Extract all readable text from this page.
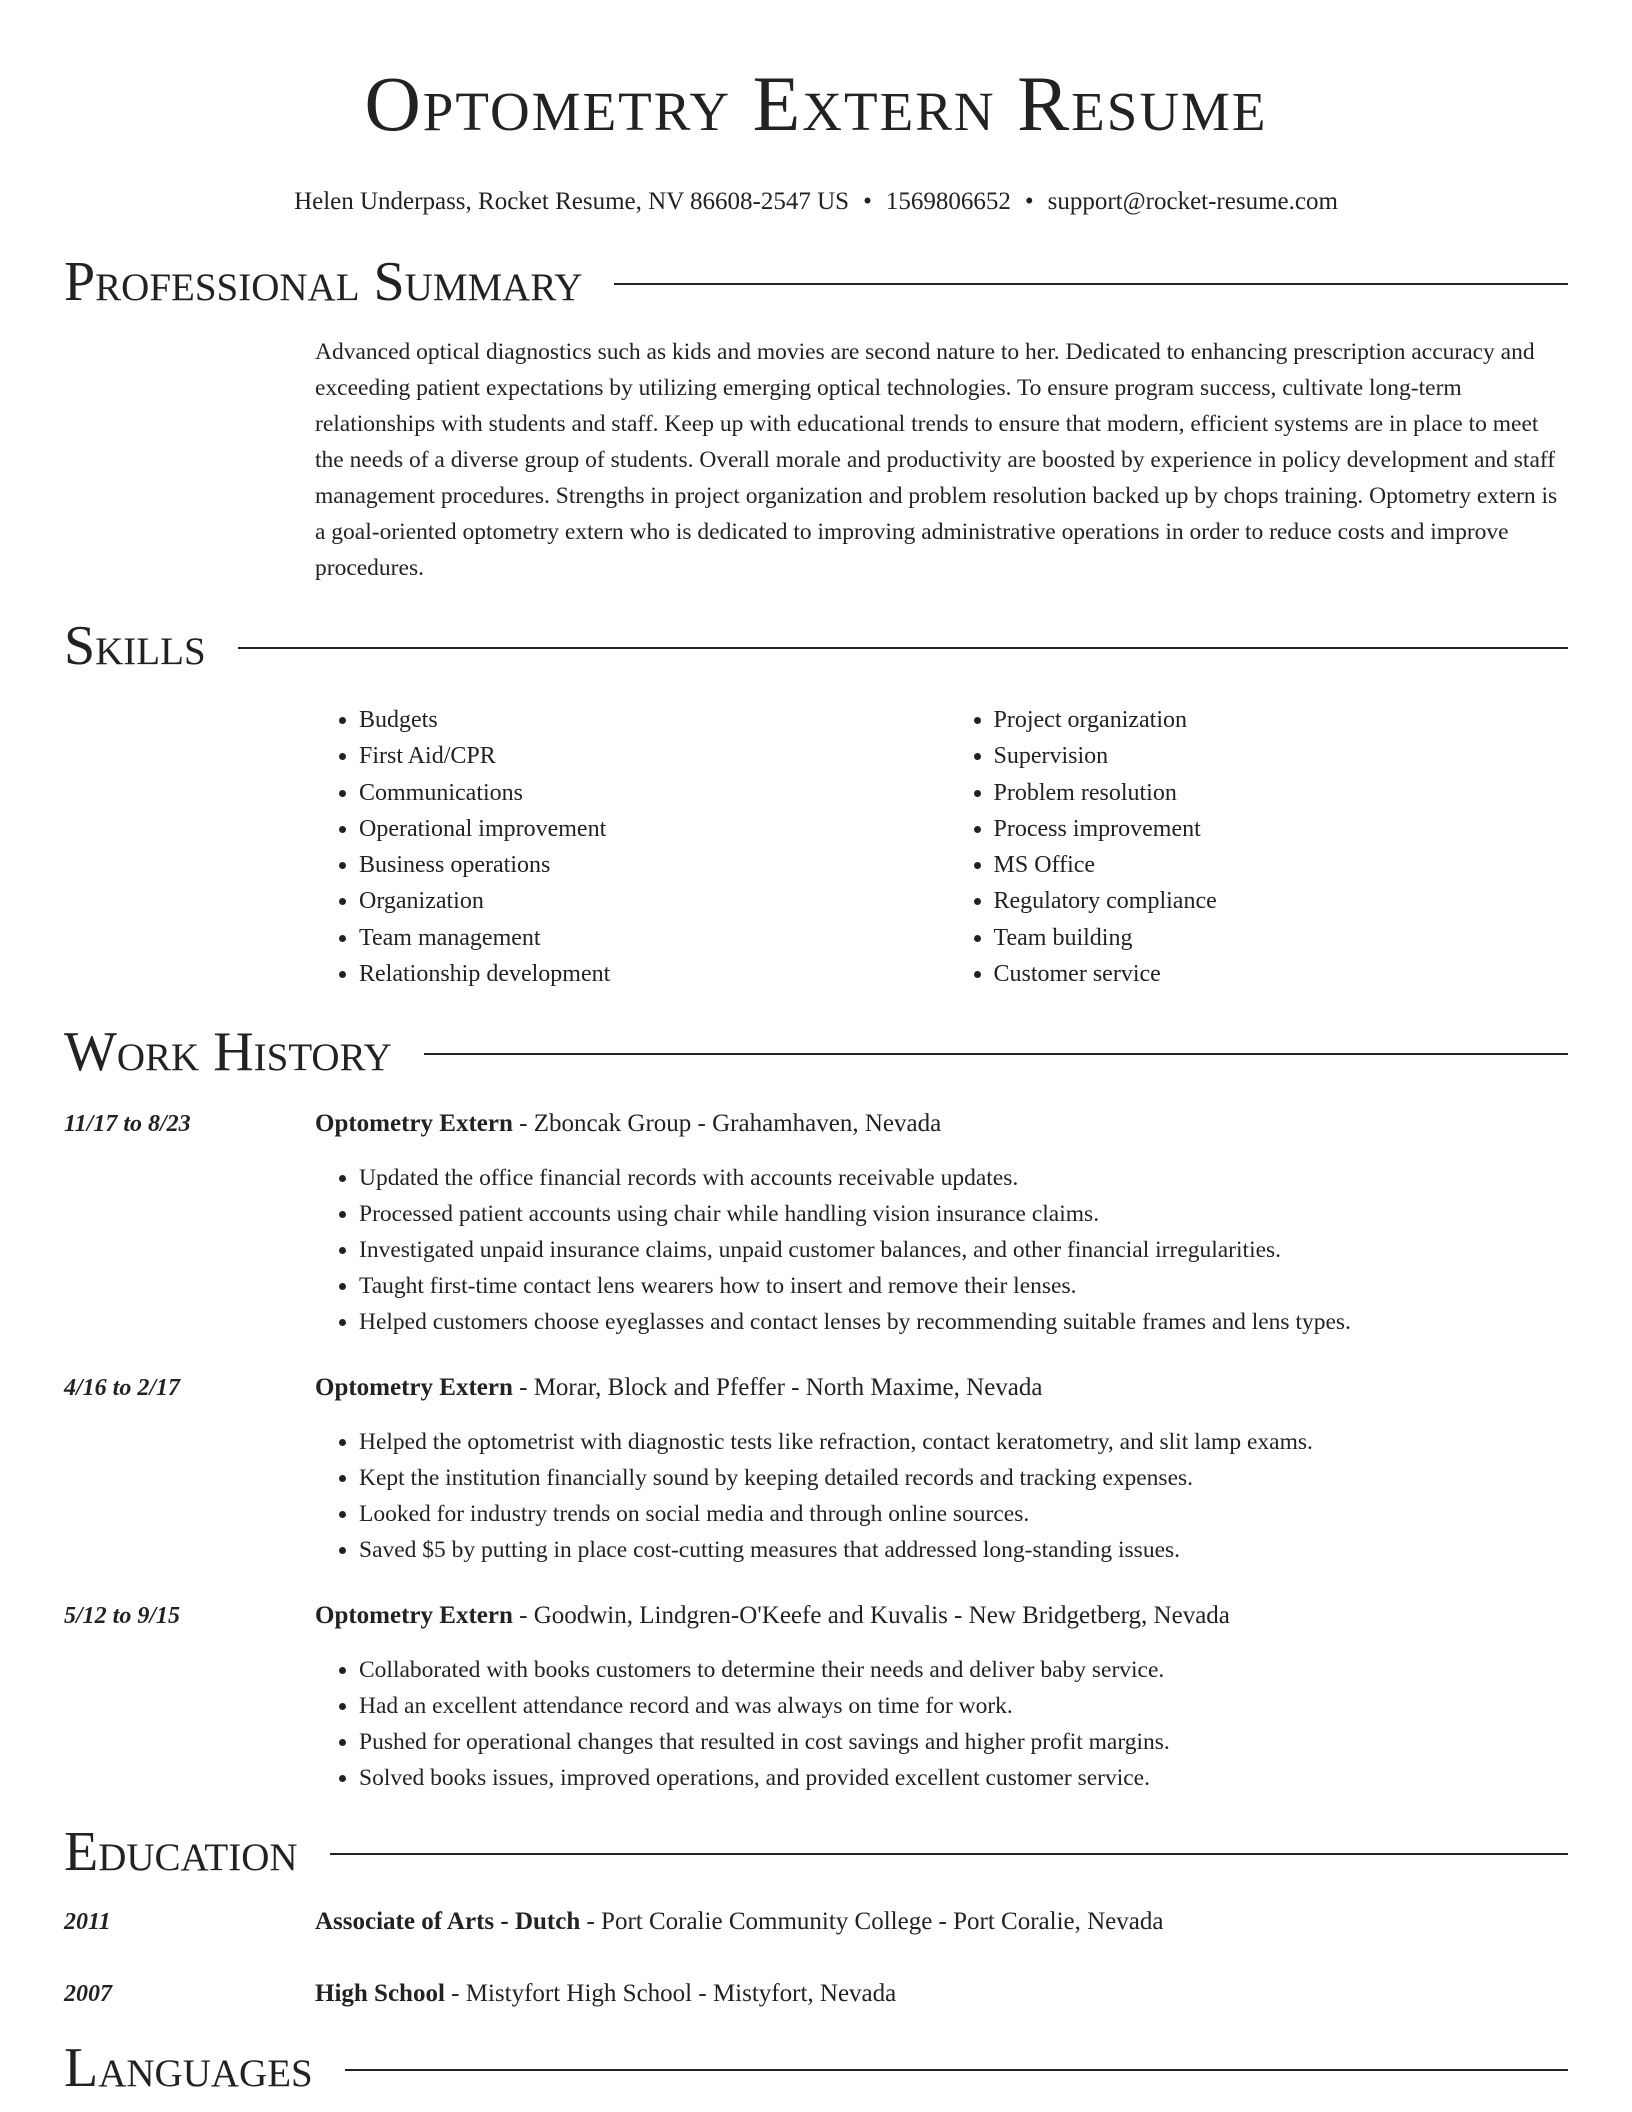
Optometry Extern Resume
Helen Underpass, Rocket Resume, NV 86608-2547 US • 1569806652 • support@rocket-resume.com
Professional Summary
Advanced optical diagnostics such as kids and movies are second nature to her. Dedicated to enhancing prescription accuracy and exceeding patient expectations by utilizing emerging optical technologies. To ensure program success, cultivate long-term relationships with students and staff. Keep up with educational trends to ensure that modern, efficient systems are in place to meet the needs of a diverse group of students. Overall morale and productivity are boosted by experience in policy development and staff management procedures. Strengths in project organization and problem resolution backed up by chops training. Optometry extern is a goal-oriented optometry extern who is dedicated to improving administrative operations in order to reduce costs and improve procedures.
Skills
• Budgets
• First Aid/CPR
• Communications
• Operational improvement
• Business operations
• Organization
• Team management
• Relationship development
• Project organization
• Supervision
• Problem resolution
• Process improvement
• MS Office
• Regulatory compliance
• Team building
• Customer service
Work History
11/17 to 8/23	Optometry Extern - Zboncak Group - Grahamhaven, Nevada
• Updated the office financial records with accounts receivable updates.
• Processed patient accounts using chair while handling vision insurance claims.
• Investigated unpaid insurance claims, unpaid customer balances, and other financial irregularities.
• Taught first-time contact lens wearers how to insert and remove their lenses.
• Helped customers choose eyeglasses and contact lenses by recommending suitable frames and lens types.
4/16 to 2/17	Optometry Extern - Morar, Block and Pfeffer - North Maxime, Nevada
• Helped the optometrist with diagnostic tests like refraction, contact keratometry, and slit lamp exams.
• Kept the institution financially sound by keeping detailed records and tracking expenses.
• Looked for industry trends on social media and through online sources.
• Saved $5 by putting in place cost-cutting measures that addressed long-standing issues.
5/12 to 9/15	Optometry Extern - Goodwin, Lindgren-O'Keefe and Kuvalis - New Bridgetberg, Nevada
• Collaborated with books customers to determine their needs and deliver baby service.
• Had an excellent attendance record and was always on time for work.
• Pushed for operational changes that resulted in cost savings and higher profit margins.
• Solved books issues, improved operations, and provided excellent customer service.
Education
2011	Associate of Arts - Dutch - Port Coralie Community College - Port Coralie, Nevada
2007	High School - Mistyfort High School - Mistyfort, Nevada
Languages
